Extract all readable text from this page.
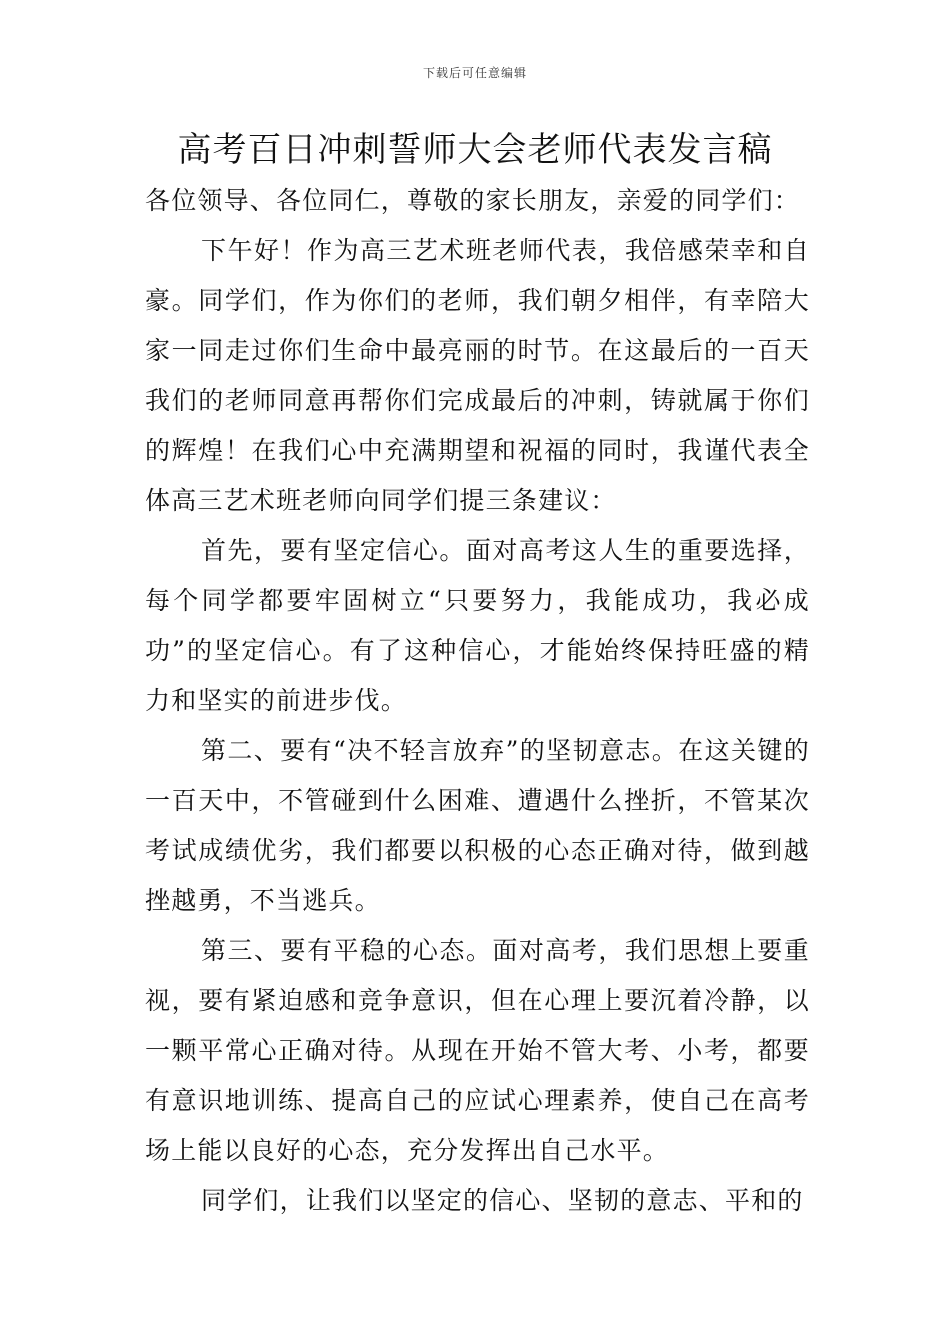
下载后可任意编辑
高考百日冲刺誓师大会老师代表发言稿

各位领导、各位同仁，尊敬的家长朋友，亲爱的同学们：

下午好！作为高三艺术班老师代表，我倍感荣幸和自豪。同学们，作为你们的老师，我们朝夕相伴，有幸陪大家一同走过你们生命中最亮丽的时节。在这最后的一百天我们的老师同意再帮你们完成最后的冲刺，铸就属于你们的辉煌！在我们心中充满期望和祝福的同时，我谨代表全体高三艺术班老师向同学们提三条建议：

首先，要有坚定信心。面对高考这人生的重要选择，每个同学都要牢固树立“只要努力，我能成功，我必成功”的坚定信心。有了这种信心，才能始终保持旺盛的精力和坚实的前进步伐。

第二、要有“决不轻言放弃”的坚韧意志。在这关键的一百天中，不管碰到什么困难、遭遇什么挫折，不管某次考试成绩优劣，我们都要以积极的心态正确对待，做到越挫越勇，不当逃兵。

第三、要有平稳的心态。面对高考，我们思想上要重视，要有紧迫感和竞争意识，但在心理上要沉着冷静，以一颗平常心正确对待。从现在开始不管大考、小考，都要有意识地训练、提高自己的应试心理素养，使自己在高考场上能以良好的心态，充分发挥出自己水平。

同学们，让我们以坚定的信心、坚韧的意志、平和的
